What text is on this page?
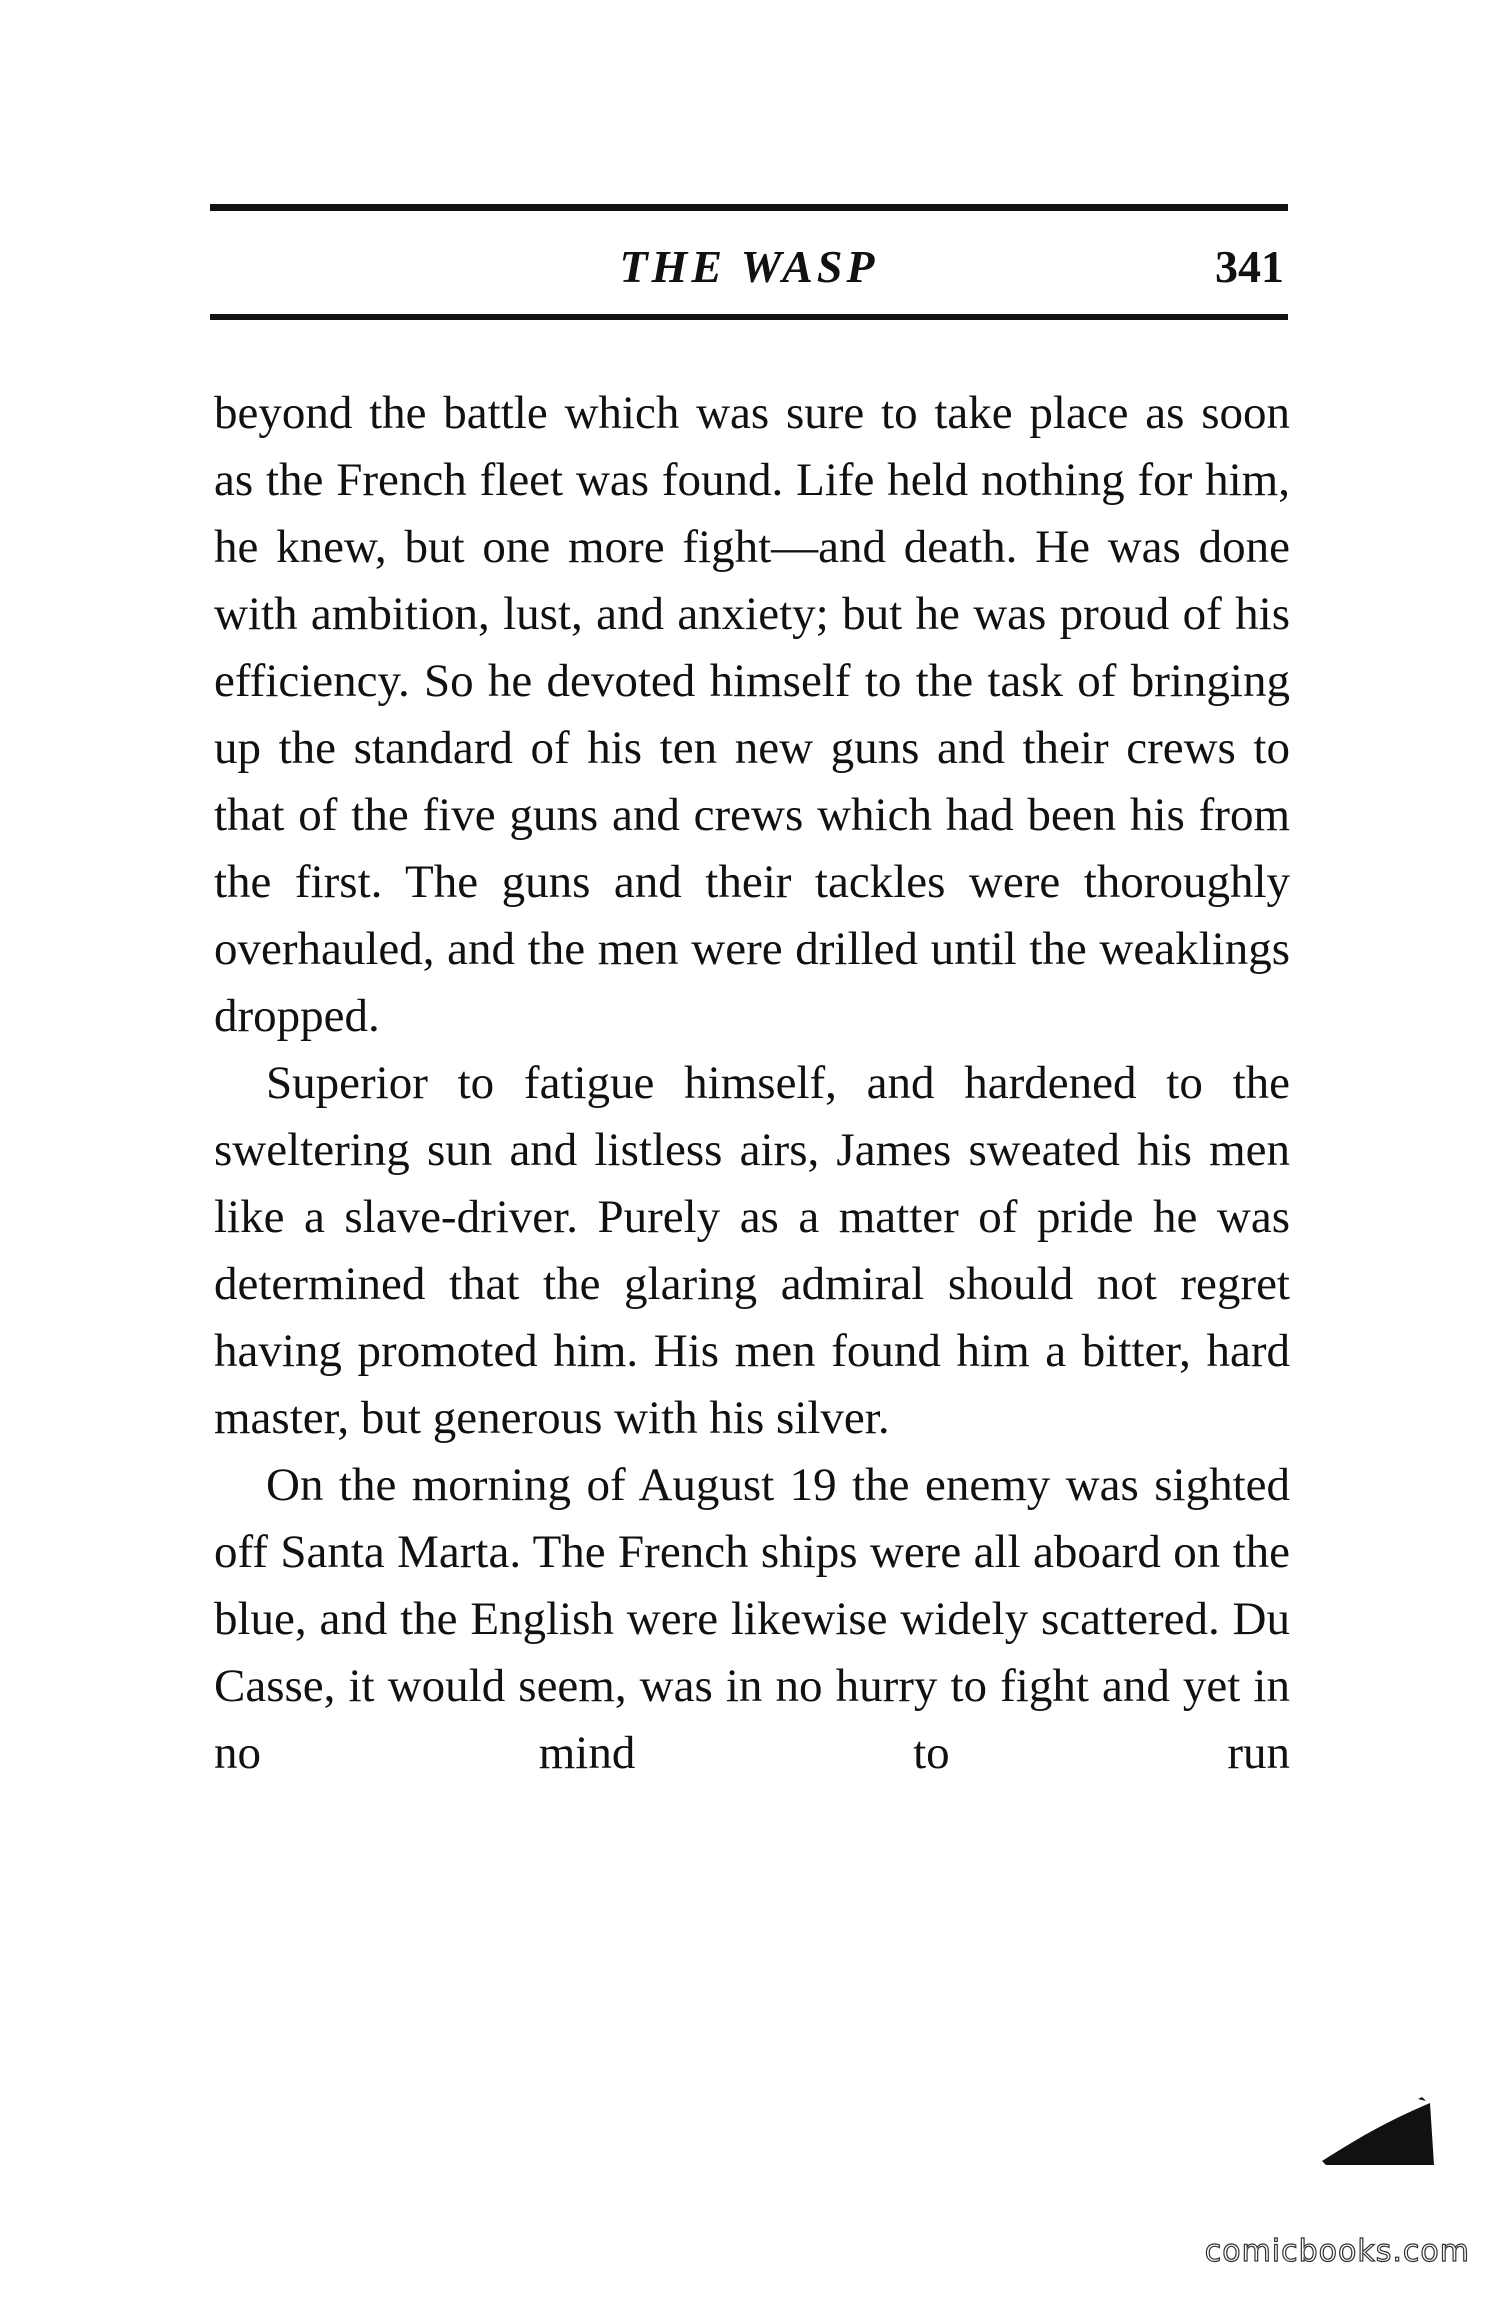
THE WASP	341

beyond the battle which was sure to take place as soon as the French fleet was found. Life held nothing for him, he knew, but one more fight—and death. He was done with ambition, lust, and anxiety; but he was proud of his efficiency. So he devoted himself to the task of bringing up the standard of his ten new guns and their crews to that of the five guns and crews which had been his from the first. The guns and their tackles were thoroughly overhauled, and the men were drilled until the weaklings dropped.

Superior to fatigue himself, and hardened to the sweltering sun and listless airs, James sweated his men like a slave-driver. Purely as a matter of pride he was determined that the glaring admiral should not regret having promoted him. His men found him a bitter, hard master, but generous with his silver.

On the morning of August 19 the enemy was sighted off Santa Marta. The French ships were all aboard on the blue, and the English were likewise widely scattered. Du Casse, it would seem, was in no hurry to fight and yet in no mind to run

comicbooks.com
